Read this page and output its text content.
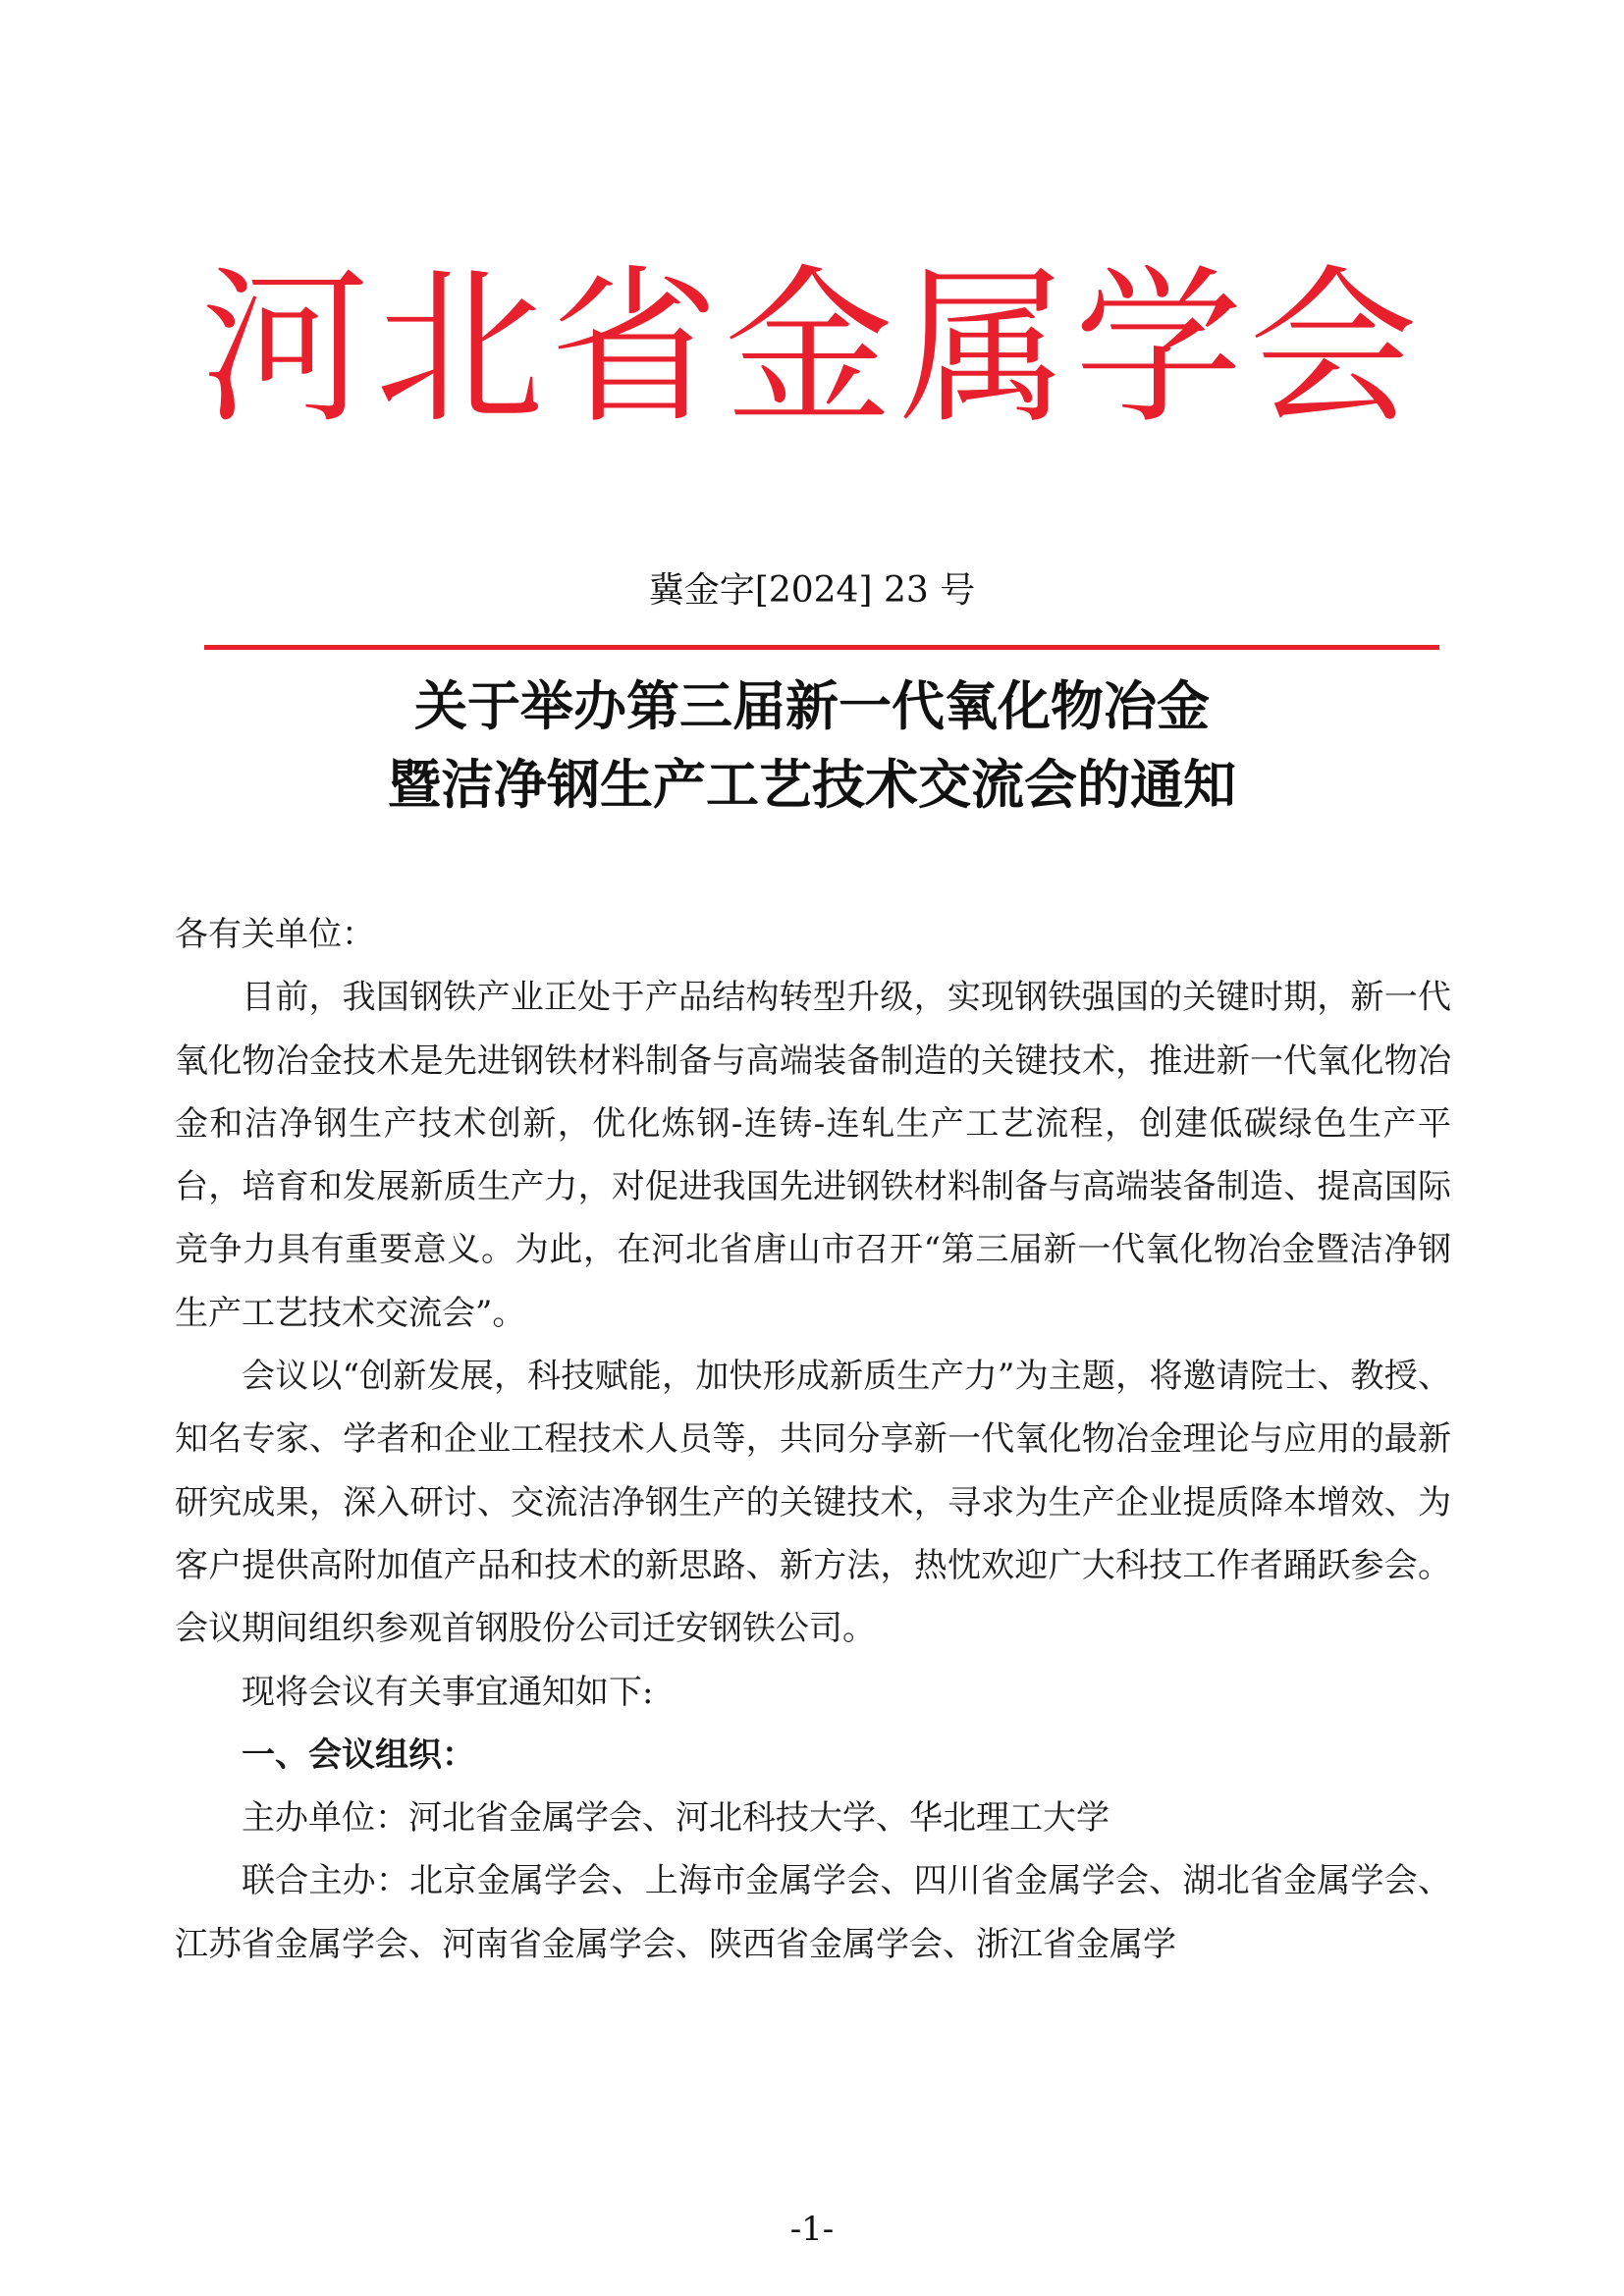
河北省金属学会
冀金字[2024] 23 号
关于举办第三届新一代氧化物冶金
暨洁净钢生产工艺技术交流会的通知

各有关单位：

目前，我国钢铁产业正处于产品结构转型升级，实现钢铁强国的关键时期，新一代氧化物冶金技术是先进钢铁材料制备与高端装备制造的关键技术，推进新一代氧化物冶金和洁净钢生产技术创新，优化炼钢-连铸-连轧生产工艺流程，创建低碳绿色生产平台，培育和发展新质生产力，对促进我国先进钢铁材料制备与高端装备制造、提高国际竞争力具有重要意义。为此，在河北省唐山市召开“第三届新一代氧化物冶金暨洁净钢生产工艺技术交流会”。

会议以“创新发展，科技赋能，加快形成新质生产力”为主题，将邀请院士、教授、知名专家、学者和企业工程技术人员等，共同分享新一代氧化物冶金理论与应用的最新研究成果，深入研讨、交流洁净钢生产的关键技术，寻求为生产企业提质降本增效、为客户提供高附加值产品和技术的新思路、新方法，热忱欢迎广大科技工作者踊跃参会。会议期间组织参观首钢股份公司迁安钢铁公司。

现将会议有关事宜通知如下:

一、会议组织：

主办单位：河北省金属学会、河北科技大学、华北理工大学

联合主办：北京金属学会、上海市金属学会、四川省金属学会、湖北省金属学会、江苏省金属学会、河南省金属学会、陕西省金属学会、浙江省金属学

-1-
